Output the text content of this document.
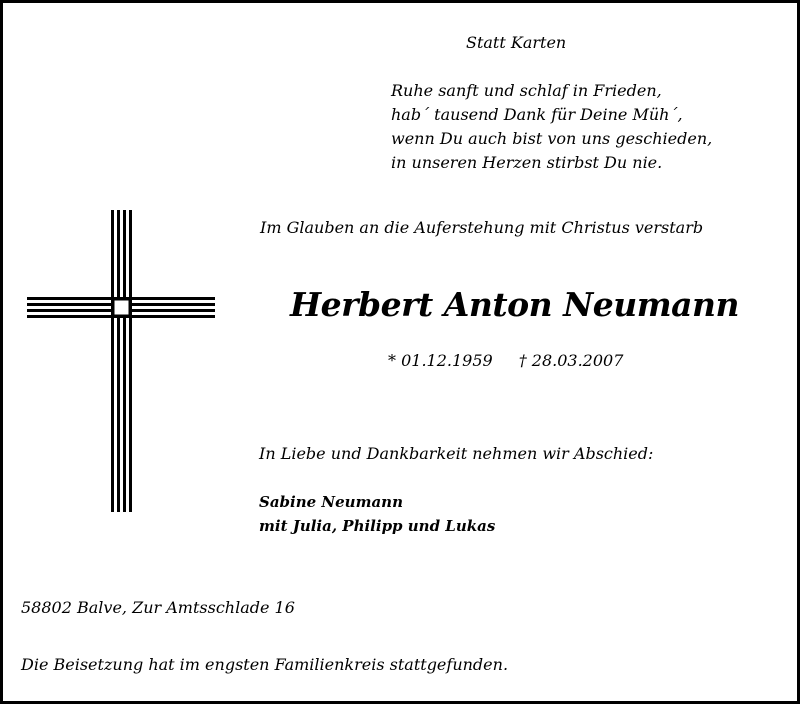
Statt Karten
Ruhe sanft und schlaf in Frieden,
hab´ tausend Dank für Deine Müh´,
wenn Du auch bist von uns geschieden,
in unseren Herzen stirbst Du nie.
Im Glauben an die Auferstehung mit Christus verstarb
Herbert Anton Neumann
* 01.12.1959 † 28.03.2007
In Liebe und Dankbarkeit nehmen wir Abschied:
Sabine Neumann
mit Julia, Philipp und Lukas
58802 Balve, Zur Amtsschlade 16
Die Beisetzung hat im engsten Familienkreis stattgefunden.
